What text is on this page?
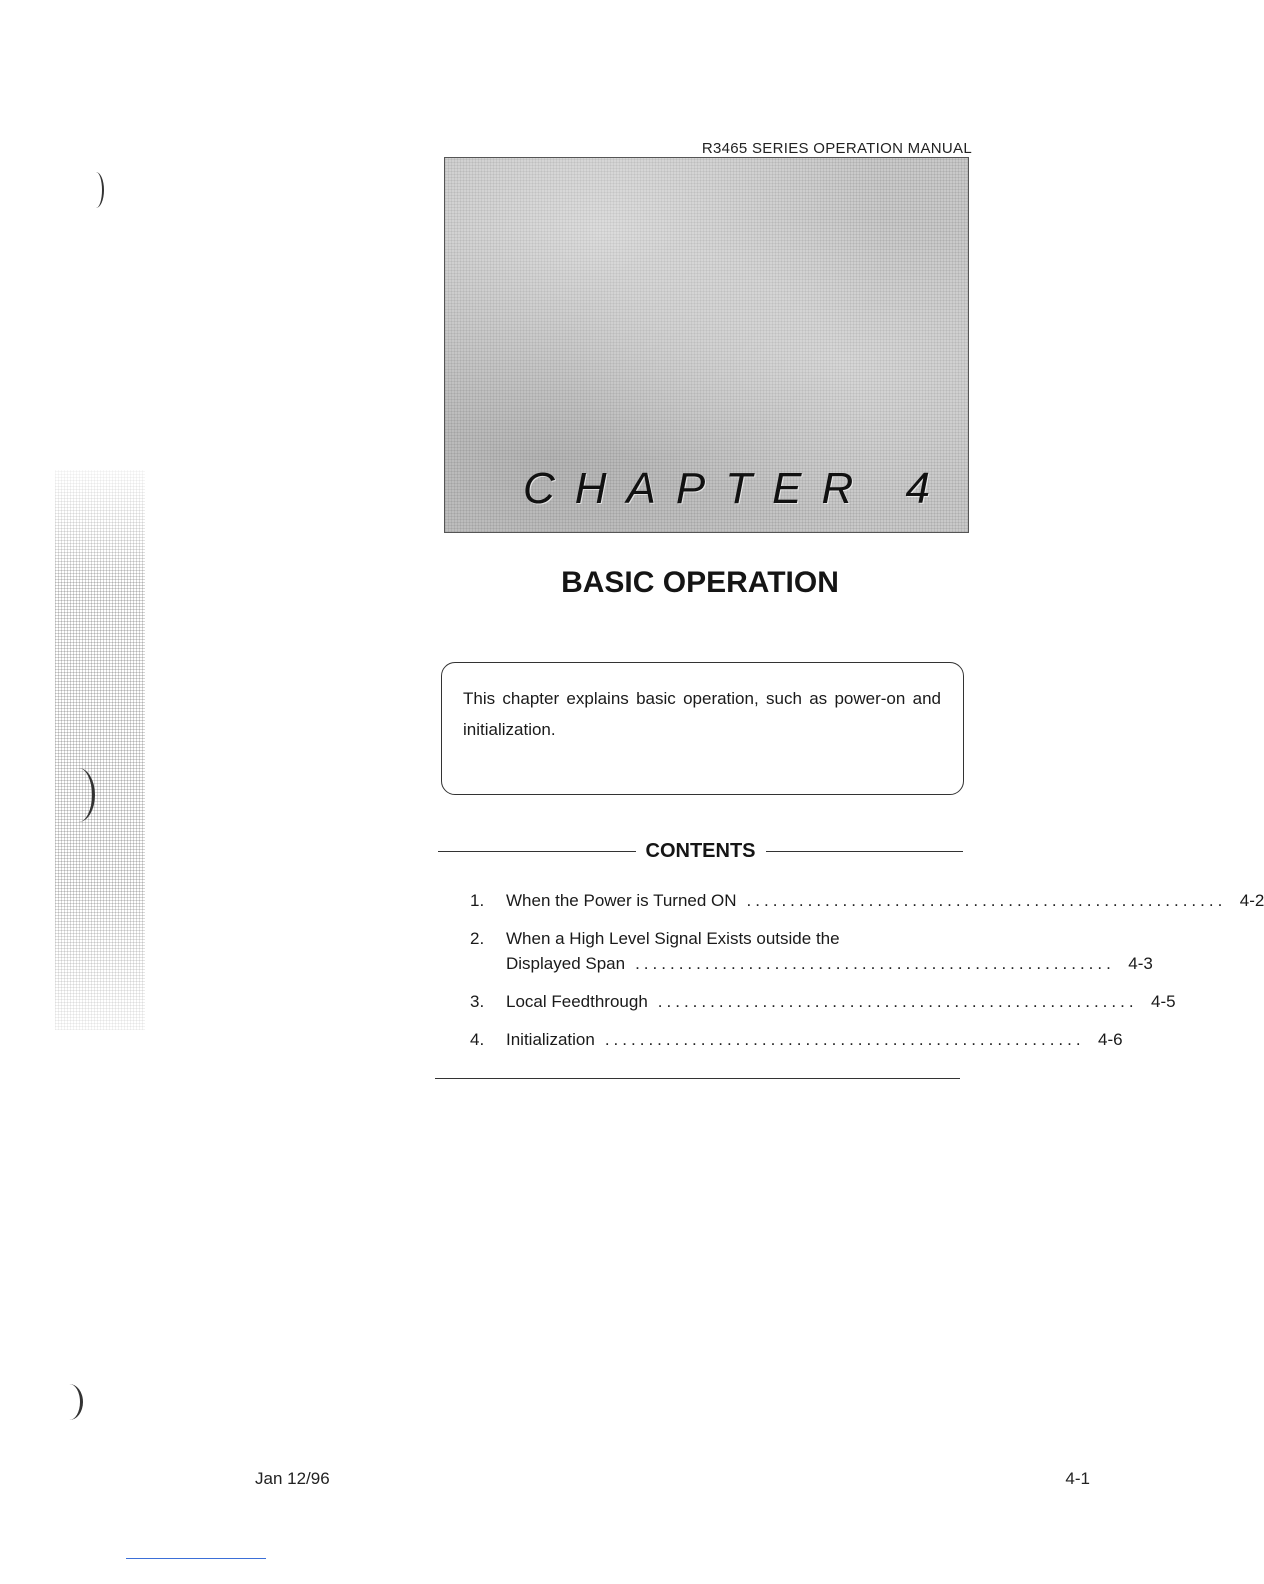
R3465 SERIES OPERATION MANUAL
CHAPTER 4
BASIC OPERATION
This chapter explains basic operation, such as power-on and initialization.
CONTENTS
1.	When the Power is Turned ON ....................................................... 4-2
2.	When a High Level Signal Exists outside the
Displayed Span ....................................................... 4-3
3.	Local Feedthrough ....................................................... 4-5
4.	Initialization ....................................................... 4-6
Jan 12/96	4-1
